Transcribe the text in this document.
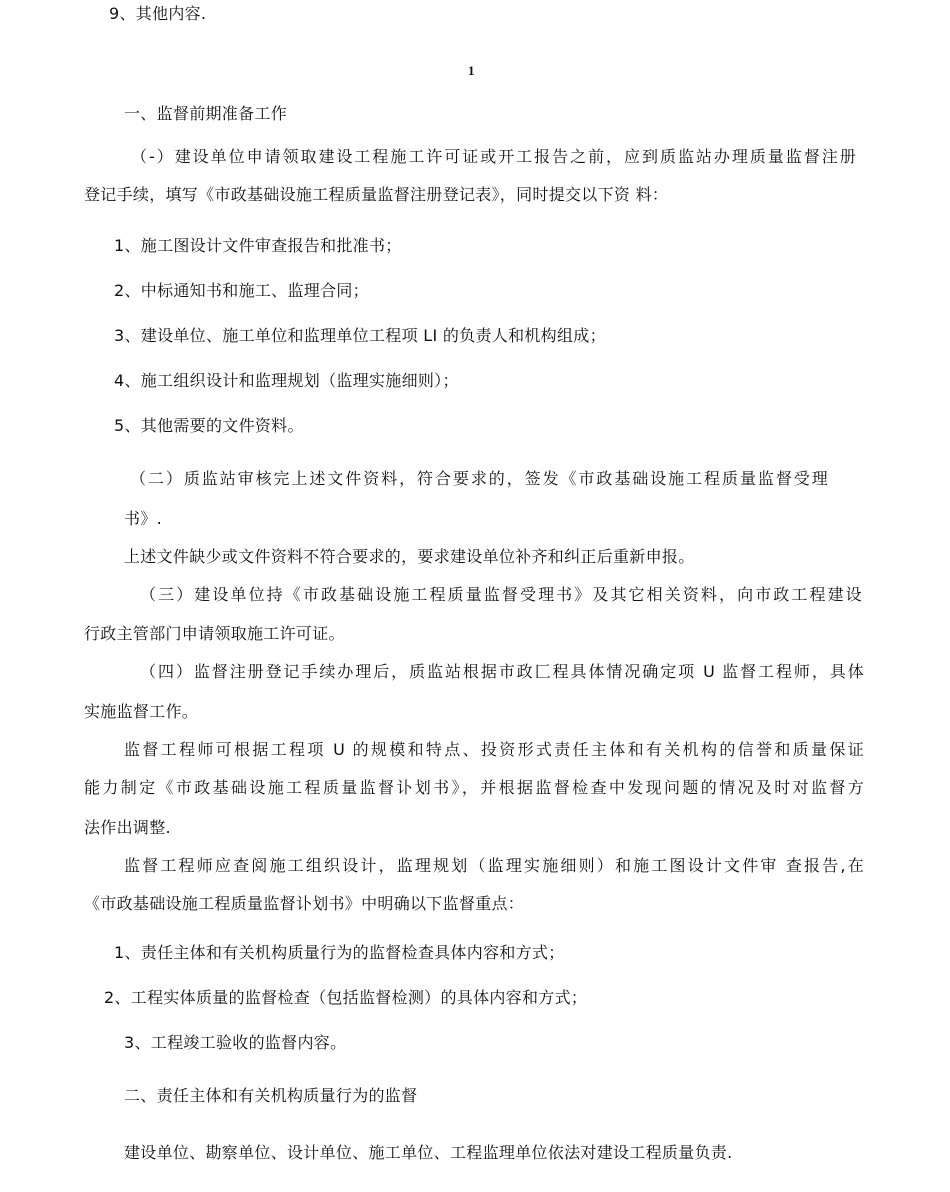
9、其他内容.
1
一、监督前期准备工作
（-）建设单位申请领取建设工程施工许可证或开工报告之前，应到质监站办理质量监督注册
登记手续，填写《市政基础设施工程质量监督注册登记表》，同时提交以下资 料：
1、施工图设计文件审查报告和批准书；
2、中标通知书和施工、监理合同；
3、建设单位、施工单位和监理单位工程项 LI 的负责人和机构组成；
4、施工组织设计和监理规划（监理实施细则）；
5、其他需要的文件资料。
（二）质监站审核完上述文件资料，符合要求的，签发《市政基础设施工程质量监督受理
书》.
上述文件缺少或文件资料不符合要求的，要求建设单位补齐和纠正后重新申报。
（三）建设单位持《市政基础设施工程质量监督受理书》及其它相关资料，向市政工程建设
行政主管部门申请领取施工许可证。
（四）监督注册登记手续办理后，质监站根据市政匚程具体情况确定项 U 监督工程师，具体
实施监督工作。
监督工程师可根据工程项 U 的规模和特点、投资形式责任主体和有关机构的信誉和质量保证
能力制定《市政基础设施工程质量监督讣划书》，并根据监督检查中发现问题的情况及时对监督方
法作出调整.
监督工程师应查阅施工组织设计，监理规划（监理实施细则）和施工图设计文件审 查报告,在
《市政基础设施工程质量监督讣划书》中明确以下监督重点：
1、责任主体和有关机构质量行为的监督检查具体内容和方式；
2、工程实体质量的监督检查（包括监督检测）的具体内容和方式；
3、工程竣工验收的监督内容。
二、责任主体和有关机构质量行为的监督
建设单位、勘察单位、设计单位、施工单位、工程监理单位依法对建设工程质量负责.
